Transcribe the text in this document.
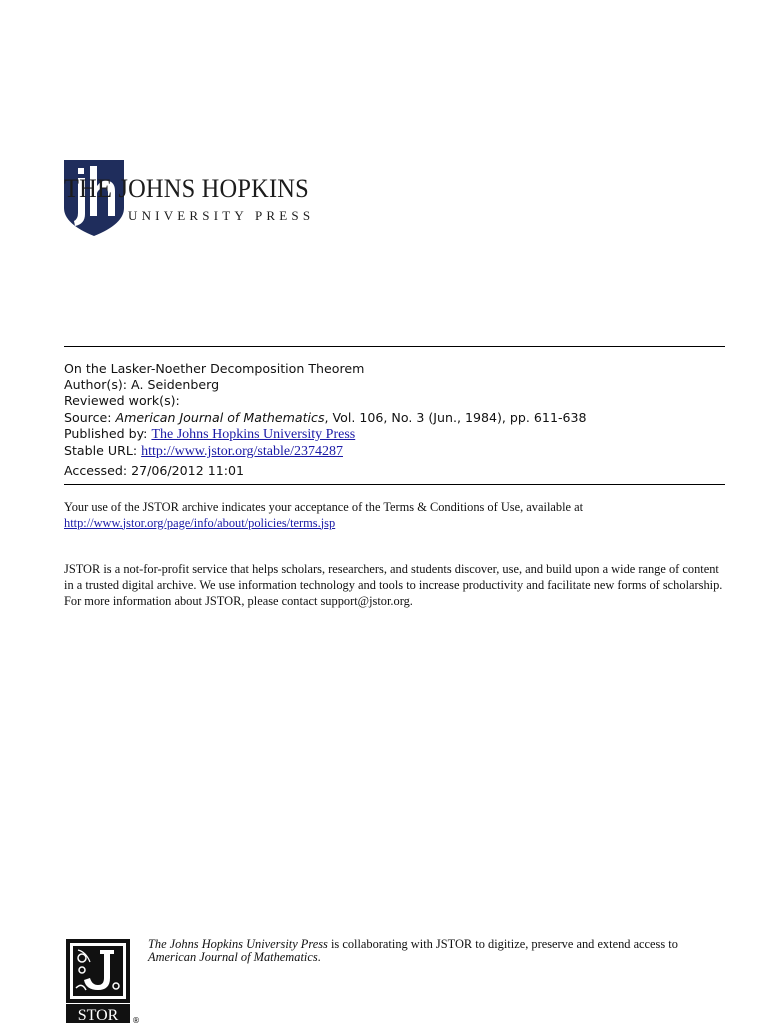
THE JOHNS HOPKINS
UNIVERSITY PRESS
On the Lasker-Noether Decomposition Theorem
Author(s): A. Seidenberg
Reviewed work(s):
Source: American Journal of Mathematics, Vol. 106, No. 3 (Jun., 1984), pp. 611-638
Published by: The Johns Hopkins University Press
Stable URL: http://www.jstor.org/stable/2374287
Accessed: 27/06/2012 11:01
Your use of the JSTOR archive indicates your acceptance of the Terms & Conditions of Use, available at
http://www.jstor.org/page/info/about/policies/terms.jsp
JSTOR is a not-for-profit service that helps scholars, researchers, and students discover, use, and build upon a wide range of content in a trusted digital archive. We use information technology and tools to increase productivity and facilitate new forms of scholarship. For more information about JSTOR, please contact support@jstor.org.
STOR ®
The Johns Hopkins University Press is collaborating with JSTOR to digitize, preserve and extend access to
American Journal of Mathematics.
